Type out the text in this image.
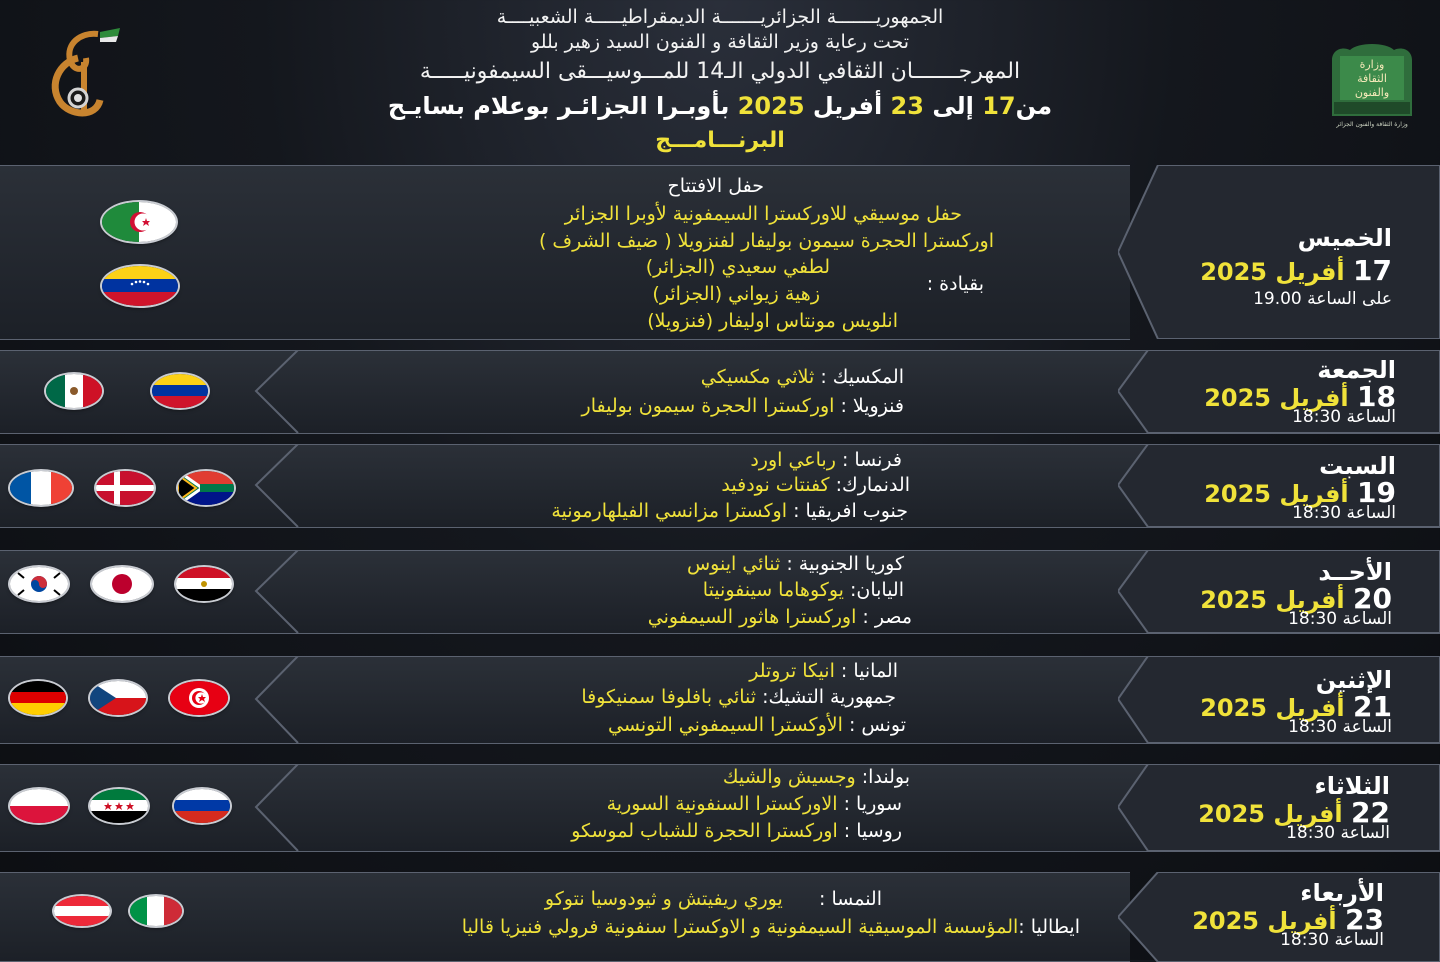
الجمهوريـــــــة الجزائريـــــــة الديمقراطيـــــة الشعبيــــة
تحت رعاية وزير الثقافة و الفنون السيد زهير بللو
المهرجـــــــان الثقافي الدولي الـ14 للمـــوسيـــقى السيمفونيـــــة
من17 إلى 23 أفريل 2025 بأوبـرا الجزائـر بوعلام بسايـح
البرنـــامـــج
وزارة
الثقافة
والفنون
الخميس
17 أفريل 2025
على الساعة 19.00
حفل الافتتاح
حفل موسيقي للاوركسترا السيمفونية لأوبرا الجزائر
اوركسترا الحجرة سيمون بوليفار لفنزويلا ( ضيف الشرف )
لطفي سعيدي (الجزائر)
بقيادة :
زهية زيواني (الجزائر)
انلويس مونتاس اوليفار (فنزويلا)
الجمعة
18 أفريل 2025
الساعة 18:30
المكسيك : ثلاثي مكسيكي
فنزويلا : اوركسترا الحجرة سيمون بوليفار
السبت
19 أفريل 2025
الساعة 18:30
فرنسا : رباعي اورد
الدنمارك: كفنتات نودفيد
جنوب افريقيا : اوكسترا مزانسي الفيلهارمونية
الأحــد
20 أفريل 2025
الساعة 18:30
كوريا الجنوبية : ثنائي اينوس
اليابان: يوكوهاما سينفونيتا
مصر : اوركسترا هاثور السيمفوني
الإثنين
21 أفريل 2025
الساعة 18:30
المانيا : انيكا تروتلر
جمهورية التشيك: ثنائي بافلوفا سمنيكوفا
تونس : الأوكسترا السيمفوني التونسي
الثلاثاء
22 أفريل 2025
الساعة 18:30
بولندا: وجسيش والشيك
سوريا : الاوركسترا السنفونية السورية
روسيا : اوركسترا الحجرة للشباب لموسكو
الأربعاء
23 أفريل 2025
الساعة 18:30
النمسا :      يوري ريفيتش و ثيودوسيا نتوكو
ايطاليا :المؤسسة الموسيقية السيمفونية و الاوكسترا سنفونية فرولي فنيزيا قاليا
وزارة الثقافة والفنون الجزائر
